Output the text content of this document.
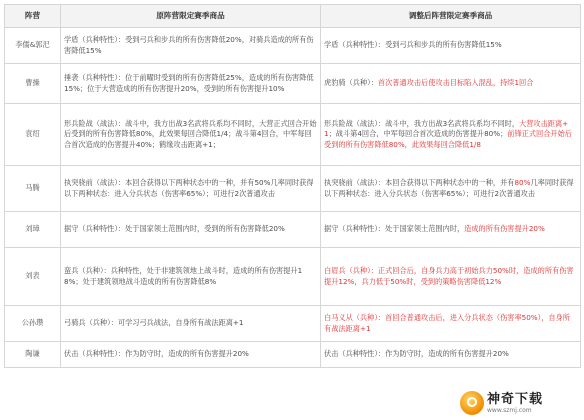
阵营	原阵营限定赛季商品	调整后阵营限定赛季商品
李儒&郭汜	学盾（兵种特性）：受到弓兵和步兵的所有伤害降低20%，对骑兵造成的所有伤害降低15%	学盾（兵种特性）：受到弓兵和步兵的所有伤害降低15%
曹操	捶袭（兵种特性）：位于前曜时受到的所有伤害降低25%，造成的所有伤害降低15%；位于大营造成的所有伤害提升20%，受到的所有伤害提升10%	虎豹骑（兵种）：首次普通攻击后使攻击目标陷入混乱，持续1回合
袁绍	形兵险战（战法）：战斗中，我方出战3名武将兵系均不同时，大营正式回合开始后受到的所有伤害降低80%，此效果每回合降低1/4；战斗第4回合，中军每回合首次造成的伤害提升40%；鹤缘攻击距离+1；	形兵险战（战法）：战斗中，我方出战3名武将兵系均不同时，大营攻击距离+1；战斗第4回合，中军每回合首次造成的伤害提升80%；前锋正式回合开始后受到的所有伤害降低80%，此效果每回合降低1/8
马腾	执突骁前（战法）：本回合获得以下两种状态中的一种，并有50%几率同时获得以下两种状态：进入分兵状态（伤害率65%）；可进行2次普通攻击	执突骁前（战法）：本回合获得以下两种状态中的一种，并有80%几率同时获得以下两种状态：进入分兵状态（伤害率65%）；可进行2次普通攻击
刘璋	据守（兵种特性）：处于国家领土范围内时，受到的所有伤害降低20%	据守（兵种特性）：处于国家领土范围内时，造成的所有伤害提升20%
刘表	蛮兵（兵种）：兵种特性，处于非建筑领地上战斗时，造成的所有伤害提升18%；处于建筑领地战斗造成的所有伤害降低8%	白眉兵（兵种）：正式回合后，自身兵力高于初始兵力50%时，造成的所有伤害提升12%，兵力低于50%时，受到的策略伤害降低12%
公孙瓒	弓骑兵（兵种）：可学习弓兵战法，自身所有战法距离+1	白马义从（兵种）：首回合普通攻击后，进入分兵状态（伤害率50%），自身所有战法距离+1
陶谦	伏击（兵种特性）：作为防守时，造成的所有伤害提升20%	伏击（兵种特性）：作为防守时，造成的所有伤害提升20%
神奇下载
www.szmj.com
